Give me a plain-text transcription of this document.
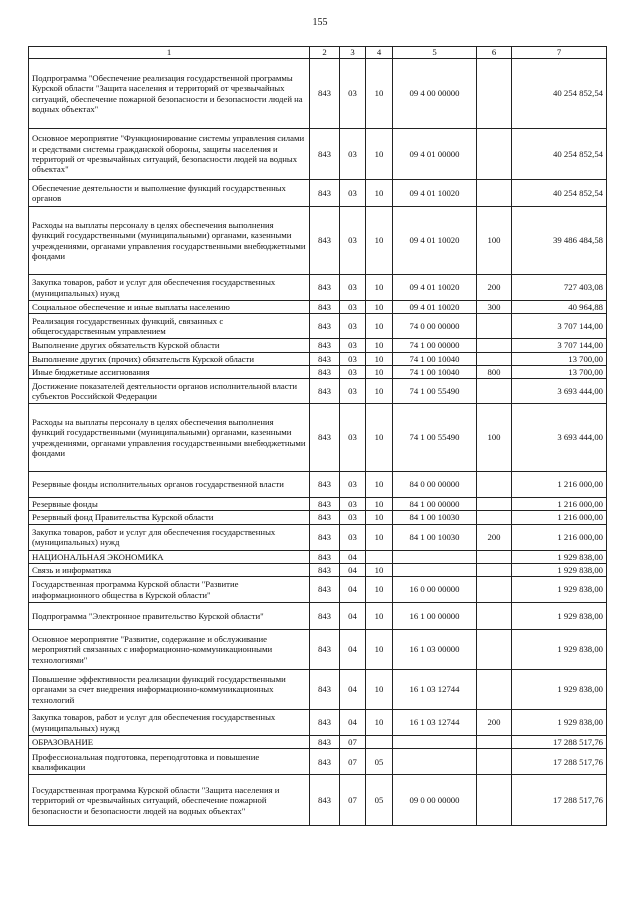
155
1	2	3	4	5	6	7
Подпрограмма "Обеспечение реализация государственной программы Курской области "Защита населения и территорий от чрезвычайных ситуаций, обеспечение пожарной безопасности и безопасности людей на водных объектах"	843	03	10	09 4 00 00000		40 254 852,54
Основное мероприятие "Функционирование системы управления силами и средствами системы гражданской обороны, защиты населения и территорий от чрезвычайных ситуаций, безопасности людей на водных объектах"	843	03	10	09 4 01 00000		40 254 852,54
Обеспечение деятельности и выполнение функций государственных органов	843	03	10	09 4 01 10020		40 254 852,54
Расходы на выплаты персоналу в целях обеспечения выполнения функций государственными (муниципальными) органами, казенными учреждениями, органами управления государственными внебюджетными фондами	843	03	10	09 4 01 10020	100	39 486 484,58
Закупка товаров, работ и услуг для обеспечения государственных (муниципальных) нужд	843	03	10	09 4 01 10020	200	727 403,08
Социальное обеспечение и иные выплаты населению	843	03	10	09 4 01 10020	300	40 964,88
Реализация государственных функций, связанных с общегосударственным управлением	843	03	10	74 0 00 00000		3 707 144,00
Выполнение других обязательств Курской области	843	03	10	74 1 00 00000		3 707 144,00
Выполнение других (прочих) обязательств Курской области	843	03	10	74 1 00 10040		13 700,00
Иные бюджетные ассигнования	843	03	10	74 1 00 10040	800	13 700,00
Достижение показателей деятельности органов исполнительной власти субъектов Российской Федерации	843	03	10	74 1 00 55490		3 693 444,00
Расходы на выплаты персоналу в целях обеспечения выполнения функций государственными (муниципальными) органами, казенными учреждениями, органами управления государственными внебюджетными фондами	843	03	10	74 1 00 55490	100	3 693 444,00
Резервные фонды исполнительных органов государственной власти	843	03	10	84 0 00 00000		1 216 000,00
Резервные фонды	843	03	10	84 1 00 00000		1 216 000,00
Резервный фонд Правительства Курской области	843	03	10	84 1 00 10030		1 216 000,00
Закупка товаров, работ и услуг для обеспечения государственных (муниципальных) нужд	843	03	10	84 1 00 10030	200	1 216 000,00
НАЦИОНАЛЬНАЯ ЭКОНОМИКА	843	04				1 929 838,00
Связь и информатика	843	04	10			1 929 838,00
Государственная программа Курской области "Развитие информационного общества в Курской области"	843	04	10	16 0 00 00000		1 929 838,00
Подпрограмма "Электронное правительство Курской области"	843	04	10	16 1 00 00000		1 929 838,00
Основное мероприятие "Развитие, содержание и обслуживание мероприятий связанных с информационно-коммуникационными технологиями"	843	04	10	16 1 03 00000		1 929 838,00
Повышение эффективности реализации функций государственными органами за счет внедрения информационно-коммуникационных технологий	843	04	10	16 1 03 12744		1 929 838,00
Закупка товаров, работ и услуг для обеспечения государственных (муниципальных) нужд	843	04	10	16 1 03 12744	200	1 929 838,00
ОБРАЗОВАНИЕ	843	07				17 288 517,76
Профессиональная подготовка, переподготовка и повышение квалификации	843	07	05			17 288 517,76
Государственная программа Курской области "Защита населения и территорий от чрезвычайных ситуаций, обеспечение пожарной безопасности и безопасности людей на водных объектах"	843	07	05	09 0 00 00000		17 288 517,76
